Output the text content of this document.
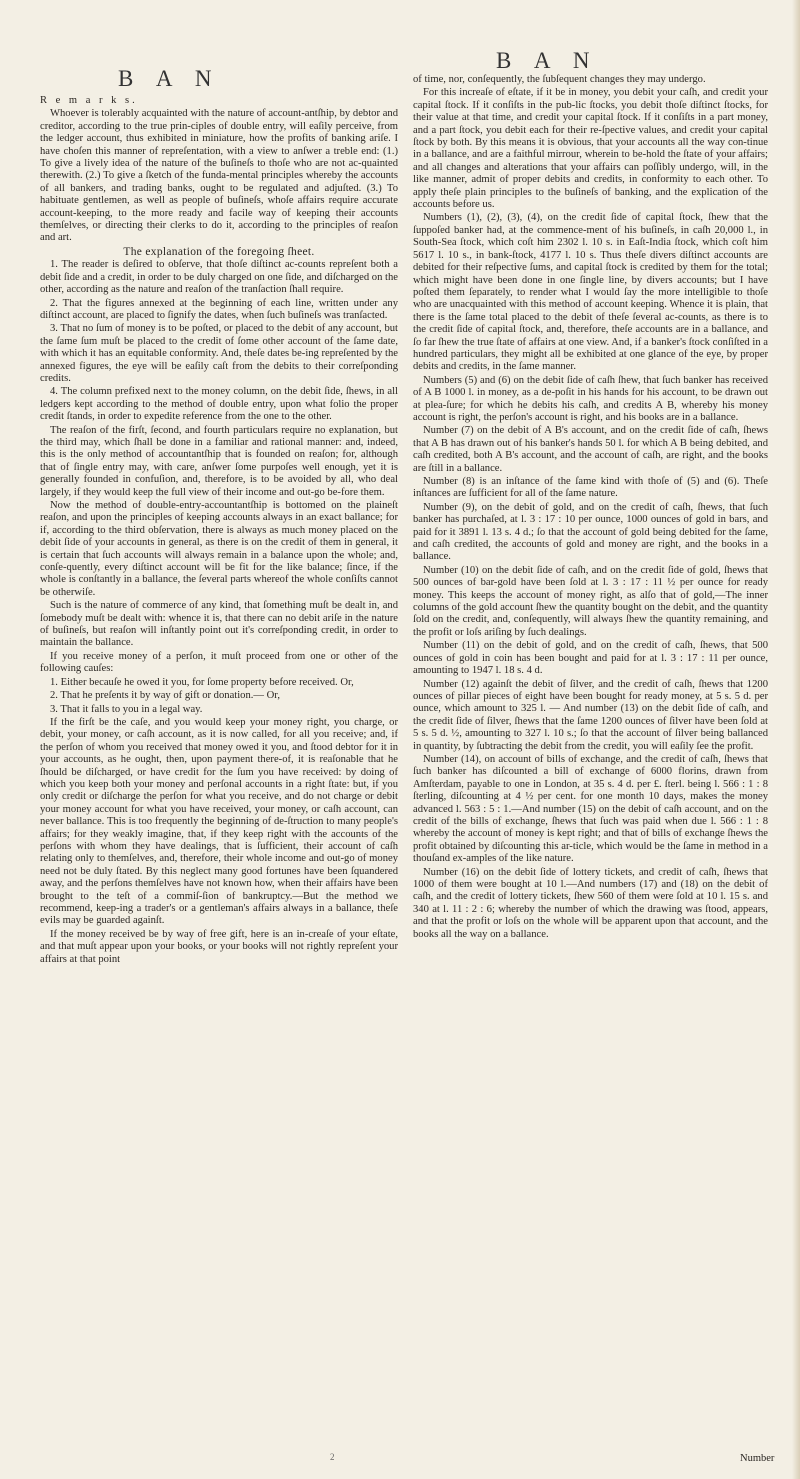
B A N
B A N

R e m a r k s.

Whoever is tolerably acquainted with the nature of account-antſhip, by debtor and creditor, according to the true prin-ciples of double entry, will eaſily perceive, from the ledger account, thus exhibited in miniature, how the profits of banking ariſe. I have choſen this manner of repreſentation, with a view to anſwer a treble end: (1.) To give a lively idea of the nature of the buſineſs to thoſe who are not ac-quainted therewith. (2.) To give a ſketch of the funda-mental principles whereby the accounts of all bankers, and trading banks, ought to be regulated and adjuſted. (3.) To habituate gentlemen, as well as people of buſineſs, whoſe affairs require accurate account-keeping, to the more ready and facile way of keeping their accounts themſelves, or directing their clerks to do it, according to the principles of reaſon and art.

The explanation of the foregoing ſheet.

1. The reader is deſired to obſerve, that thoſe diſtinct ac-counts repreſent both a debit ſide and a credit, in order to be duly charged on one ſide, and diſcharged on the other, according as the nature and reaſon of the tranſaction ſhall require.

2. That the figures annexed at the beginning of each line, written under any diſtinct account, are placed to ſignify the dates, when ſuch buſineſs was tranſacted.

3. That no ſum of money is to be poſted, or placed to the debit of any account, but the ſame ſum muſt be placed to the credit of ſome other account of the ſame date, with which it has an equitable conformity. And, theſe dates be-ing repreſented by the annexed figures, the eye will be eaſily caſt from the debits to their correſponding credits.

4. The column prefixed next to the money column, on the debit ſide, ſhews, in all ledgers kept according to the method of double entry, upon what folio the proper credit ſtands, in order to expedite reference from the one to the other.

The reaſon of the firſt, ſecond, and fourth particulars require no explanation, but the third may, which ſhall be done in a familiar and rational manner: and, indeed, this is the only method of accountantſhip that is founded on reaſon; for, although that of ſingle entry may, with care, anſwer ſome purpoſes well enough, yet it is generally founded in confuſion, and, therefore, is to be avoided by all, who deal largely, if they would keep the full view of their income and out-go be-fore them.

Now the method of double-entry-accountantſhip is bottomed on the plaineſt reaſon, and upon the principles of keeping accounts always in an exact ballance; for if, according to the third obſervation, there is always as much money placed on the debit ſide of your accounts in general, as there is on the credit of them in general, it is certain that ſuch accounts will always remain in a balance upon the whole; and, conſe-quently, every diſtinct account will be fit for the like balance; ſince, if the whole is conſtantly in a ballance, the ſeveral parts whereof the whole conſiſts cannot be otherwiſe.

Such is the nature of commerce of any kind, that ſomething muſt be dealt in, and ſomebody muſt be dealt with: whence it is, that there can no debit ariſe in the nature of buſineſs, but reaſon will inſtantly point out it's correſponding credit, in order to maintain the ballance.

If you receive money of a perſon, it muſt proceed from one or other of the following cauſes:

1. Either becauſe he owed it you, for ſome property before received. Or,

2. That he preſents it by way of gift or donation.— Or,

3. That it falls to you in a legal way.

If the firſt be the caſe, and you would keep your money right, you charge, or debit, your money, or caſh account, as it is now called, for all you receive; and, if the perſon of whom you received that money owed it you, and ſtood debtor for it in your accounts, as he ought, then, upon payment there-of, it is reaſonable that he ſhould be diſcharged, or have credit for the ſum you have received: by doing of which you keep both your money and perſonal accounts in a right ſtate: but, if you only credit or diſcharge the perſon for what you receive, and do not charge or debit your money account for what you have received, your money, or caſh account, can never ballance. This is too frequently the beginning of de-ſtruction to many people's affairs; for they weakly imagine, that, if they keep right with the accounts of the perſons with whom they have dealings, that is ſufficient, their account of caſh relating only to themſelves, and, therefore, their whole income and out-go of money need not be duly ſtated. By this neglect many good fortunes have been ſquandered away, and the perſons themſelves have not known how, when their affairs have been brought to the teſt of a commiſ-ſion of bankruptcy.—But the method we recommend, keep-ing a trader's or a gentleman's affairs always in a ballance, theſe evils may be guarded againſt.

If the money received be by way of free gift, here is an in-creaſe of your eſtate, and that muſt appear upon your books, or your books will not rightly repreſent your affairs at that point

of time, nor, conſequently, the ſubſequent changes they may undergo.

For this increaſe of eſtate, if it be in money, you debit your caſh, and credit your capital ſtock. If it conſiſts in the pub-lic ſtocks, you debit thoſe diſtinct ſtocks, for their value at that time, and credit your capital ſtock. If it conſiſts in a part money, and a part ſtock, you debit each for their re-ſpective values, and credit your capital ſtock by both. By this means it is obvious, that your accounts all the way con-tinue in a ballance, and are a faithful mirrour, wherein to be-hold the ſtate of your affairs; and all changes and alterations that your affairs can poſſibly undergo, will, in the like manner, admit of proper debits and credits, in conformity to each other. To apply theſe plain principles to the buſineſs of banking, and the explication of the accounts before us.

Numbers (1), (2), (3), (4), on the credit ſide of capital ſtock, ſhew that the ſuppoſed banker had, at the commence-ment of his buſineſs, in caſh 20,000 l., in South-Sea ſtock, which coſt him 2302 l. 10 s. in Eaſt-India ſtock, which coſt him 5617 l. 10 s., in bank-ſtock, 4177 l. 10 s. Thus theſe divers diſtinct accounts are debited for their reſpective ſums, and capital ſtock is credited by them for the total; which might have been done in one ſingle line, by divers accounts; but I have poſted them ſeparately, to render what I would ſay the more intelligible to thoſe who are unacquainted with this method of account keeping. Whence it is plain, that there is the ſame total placed to the debit of theſe ſeveral ac-counts, as there is to the credit ſide of capital ſtock, and, therefore, theſe accounts are in a ballance, and ſo far ſhew the true ſtate of affairs at one view. And, if a banker's ſtock conſiſted in a hundred particulars, they might all be exhibited at one glance of the eye, by proper debits and credits, in the ſame manner.

Numbers (5) and (6) on the debit ſide of caſh ſhew, that ſuch banker has received of A B 1000 l. in money, as a de-poſit in his hands for his account, to be drawn out at plea-ſure; for which he debits his caſh, and credits A B, whereby his money account is right, the perſon's account is right, and his books are in a ballance.

Number (7) on the debit of A B's account, and on the credit ſide of caſh, ſhews that A B has drawn out of his banker's hands 50 l. for which A B being debited, and caſh credited, both A B's account, and the account of caſh, are right, and the books are ſtill in a ballance.

Number (8) is an inſtance of the ſame kind with thoſe of (5) and (6). Theſe inſtances are ſufficient for all of the ſame nature.

Number (9), on the debit of gold, and on the credit of caſh, ſhews, that ſuch banker has purchaſed, at l. 3 : 17 : 10 per ounce, 1000 ounces of gold in bars, and paid for it 3891 l. 13 s. 4 d.; ſo that the account of gold being debited for the ſame, and caſh credited, the accounts of gold and money are right, and the books in a ballance.

Number (10) on the debit ſide of caſh, and on the credit ſide of gold, ſhews that 500 ounces of bar-gold have been ſold at l. 3 : 17 : 11 ½ per ounce for ready money. This keeps the account of money right, as alſo that of gold,—The inner columns of the gold account ſhew the quantity bought on the debit, and the quantity ſold on the credit, and, conſequently, will always ſhew the quantity remaining, and the profit or loſs ariſing by ſuch dealings.

Number (11) on the debit of gold, and on the credit of caſh, ſhews, that 500 ounces of gold in coin has been bought and paid for at l. 3 : 17 : 11 per ounce, amounting to 1947 l. 18 s. 4 d.

Number (12) againſt the debit of ſilver, and the credit of caſh, ſhews that 1200 ounces of pillar pieces of eight have been bought for ready money, at 5 s. 5 d. per ounce, which amount to 325 l. — And number (13) on the debit ſide of caſh, and the credit ſide of ſilver, ſhews that the ſame 1200 ounces of ſilver have been ſold at 5 s. 5 d. ½, amounting to 327 l. 10 s.; ſo that the account of ſilver being ballanced in quantity, by ſubtracting the debit from the credit, you will eaſily ſee the profit.

Number (14), on account of bills of exchange, and the credit of caſh, ſhews that ſuch banker has diſcounted a bill of exchange of 6000 florins, drawn from Amſterdam, payable to one in London, at 35 s. 4 d. per £. ſterl. being l. 566 : 1 : 8 ſterling, diſcounting at 4 ½ per cent. for one month 10 days, makes the money advanced l. 563 : 5 : 1.—And number (15) on the debit of caſh account, and on the credit of the bills of exchange, ſhews that ſuch was paid when due l. 566 : 1 : 8 whereby the account of money is kept right; and that of bills of exchange ſhews the profit obtained by diſcounting this ar-ticle, which would be the ſame in method in a thouſand ex-amples of the like nature.

Number (16) on the debit ſide of lottery tickets, and credit of caſh, ſhews that 1000 of them were bought at 10 l.—And numbers (17) and (18) on the debit of caſh, and the credit of lottery tickets, ſhew 560 of them were ſold at 10 l. 15 s. and 340 at l. 11 : 2 : 6; whereby the number of which the drawing was ſtood, appears, and that the profit or loſs on the whole will be apparent upon that account, and the books all the way on a ballance.

2	Number
